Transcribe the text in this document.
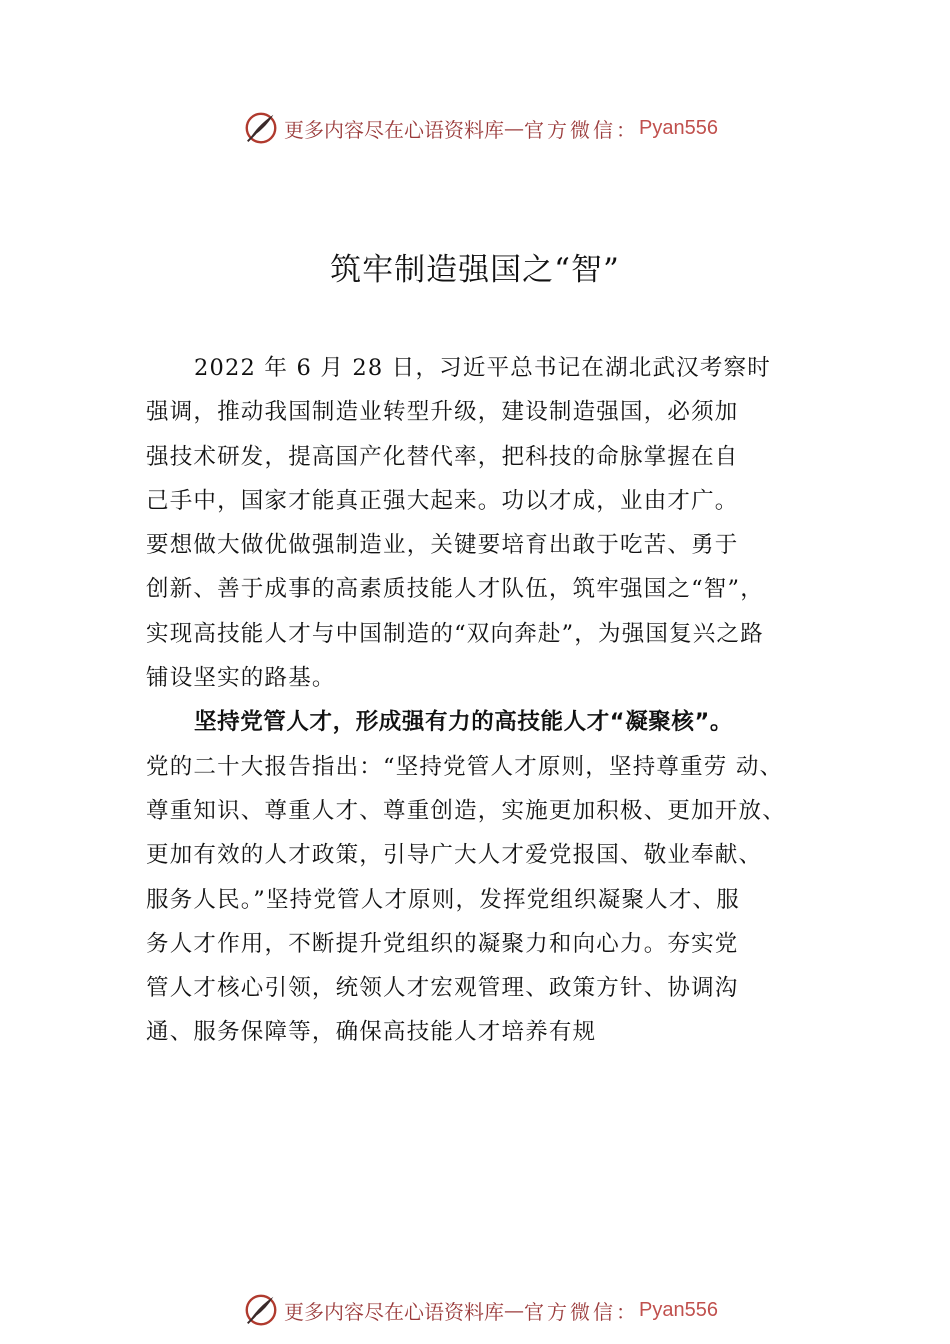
更多内容尽在心语资料库 — 官方微信： Pyan556
筑牢制造强国之“智”
2022 年 6 月 28 日，习近平总书记在湖北武汉考察时
强调，推动我国制造业转型升级，建设制造强国，必须加
强技术研发，提高国产化替代率，把科技的命脉掌握在自
己手中，国家才能真正强大起来。功以才成，业由才广。
要想做大做优做强制造业，关键要培育出敢于吃苦、勇于
创新、善于成事的高素质技能人才队伍，筑牢强国之“智”，
实现高技能人才与中国制造的“双向奔赴”，为强国复兴之路
铺设坚实的路基。
坚持党管人才，形成强有力的高技能人才“凝聚核”。
党的二十大报告指出：“坚持党管人才原则，坚持尊重劳 动、
尊重知识、尊重人才、尊重创造，实施更加积极、更加开放、
更加有效的人才政策，引导广大人才爱党报国、敬业奉献、
服务人民。”坚持党管人才原则，发挥党组织凝聚人才、服
务人才作用，不断提升党组织的凝聚力和向心力。夯实党
管人才核心引领，统领人才宏观管理、政策方针、协调沟
通、服务保障等，确保高技能人才培养有规
更多内容尽在心语资料库 — 官方微信： Pyan556
